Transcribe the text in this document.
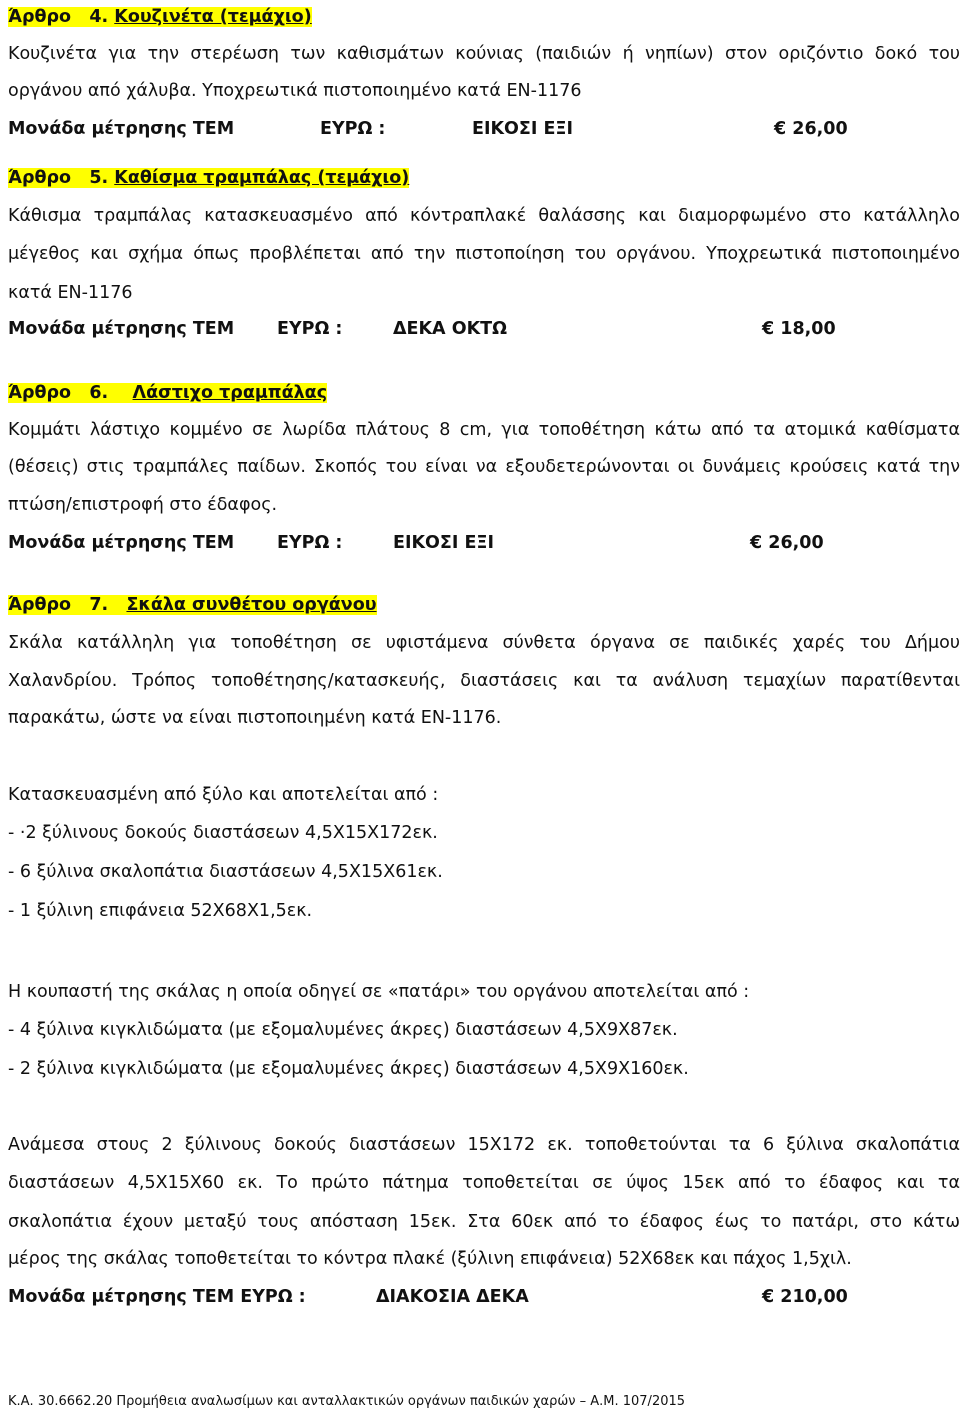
Άρθρο 4. Κουζινέτα (τεμάχιο)
Κουζινέτα για την στερέωση των καθισμάτων κούνιας (παιδιών ή νηπίων) στον οριζόντιο δοκό του
οργάνου από χάλυβα. Υποχρεωτικά πιστοποιημένο κατά EN-1176
Μονάδα μέτρησης ΤΕΜ	ΕΥΡΩ :	ΕΙΚΟΣΙ ΕΞΙ	€ 26,00
Άρθρο 5. Καθίσμα τραμπάλας (τεμάχιο)
Κάθισμα τραμπάλας κατασκευασμένο από κόντραπλακέ θαλάσσης και διαμορφωμένο στο κατάλληλο
μέγεθος και σχήμα όπως προβλέπεται από την πιστοποίηση του οργάνου. Υποχρεωτικά πιστοποιημένο
κατά EN-1176
Μονάδα μέτρησης ΤΕΜ ΕΥΡΩ :	ΔΕΚΑ ΟΚΤΩ	€ 18,00
Άρθρο 6. Λάστιχο τραμπάλας
Κομμάτι λάστιχο κομμένο σε λωρίδα πλάτους 8 cm, για τοποθέτηση κάτω από τα ατομικά καθίσματα
(θέσεις) στις τραμπάλες παίδων. Σκοπός του είναι να εξουδετερώνονται οι δυνάμεις κρούσεις κατά την
πτώση/επιστροφή στο έδαφος.
Μονάδα μέτρησης ΤΕΜ ΕΥΡΩ :	ΕΙΚΟΣΙ ΕΞΙ	€ 26,00
Άρθρο 7. Σκάλα συνθέτου οργάνου
Σκάλα κατάλληλη για τοποθέτηση σε υφιστάμενα σύνθετα όργανα σε παιδικές χαρές του Δήμου
Χαλανδρίου. Τρόπος τοποθέτησης/κατασκευής, διαστάσεις και τα ανάλυση τεμαχίων παρατίθενται
παρακάτω, ώστε να είναι πιστοποιημένη κατά ΕΝ-1176.
Κατασκευασμένη από ξύλο και αποτελείται από :
- ·2 ξύλινους δοκούς διαστάσεων 4,5Χ15Χ172εκ.
- 6 ξύλινα σκαλοπάτια διαστάσεων 4,5Χ15Χ61εκ.
- 1 ξύλινη επιφάνεια 52Χ68Χ1,5εκ.
Η κουπαστή της σκάλας η οποία οδηγεί σε «πατάρι» του οργάνου αποτελείται από :
- 4 ξύλινα κιγκλιδώματα (με εξομαλυμένες άκρες) διαστάσεων 4,5Χ9Χ87εκ.
- 2 ξύλινα κιγκλιδώματα (με εξομαλυμένες άκρες) διαστάσεων 4,5Χ9Χ160εκ.
Ανάμεσα στους 2 ξύλινους δοκούς διαστάσεων 15Χ172 εκ. τοποθετούνται τα 6 ξύλινα σκαλοπάτια
διαστάσεων 4,5Χ15Χ60 εκ. Το πρώτο πάτημα τοποθετείται σε ύψος 15εκ από το έδαφος και τα
σκαλοπάτια έχουν μεταξύ τους απόσταση 15εκ. Στα 60εκ από το έδαφος έως το πατάρι, στο κάτω
μέρος της σκάλας τοποθετείται το κόντρα πλακέ (ξύλινη επιφάνεια) 52Χ68εκ και πάχος 1,5χιλ.
Μονάδα μέτρησης ΤΕΜ ΕΥΡΩ :	ΔΙΑΚΟΣΙΑ ΔΕΚΑ	€ 210,00
Κ.Α. 30.6662.20 Προμήθεια αναλωσίμων και ανταλλακτικών οργάνων παιδικών χαρών – Α.Μ. 107/2015
